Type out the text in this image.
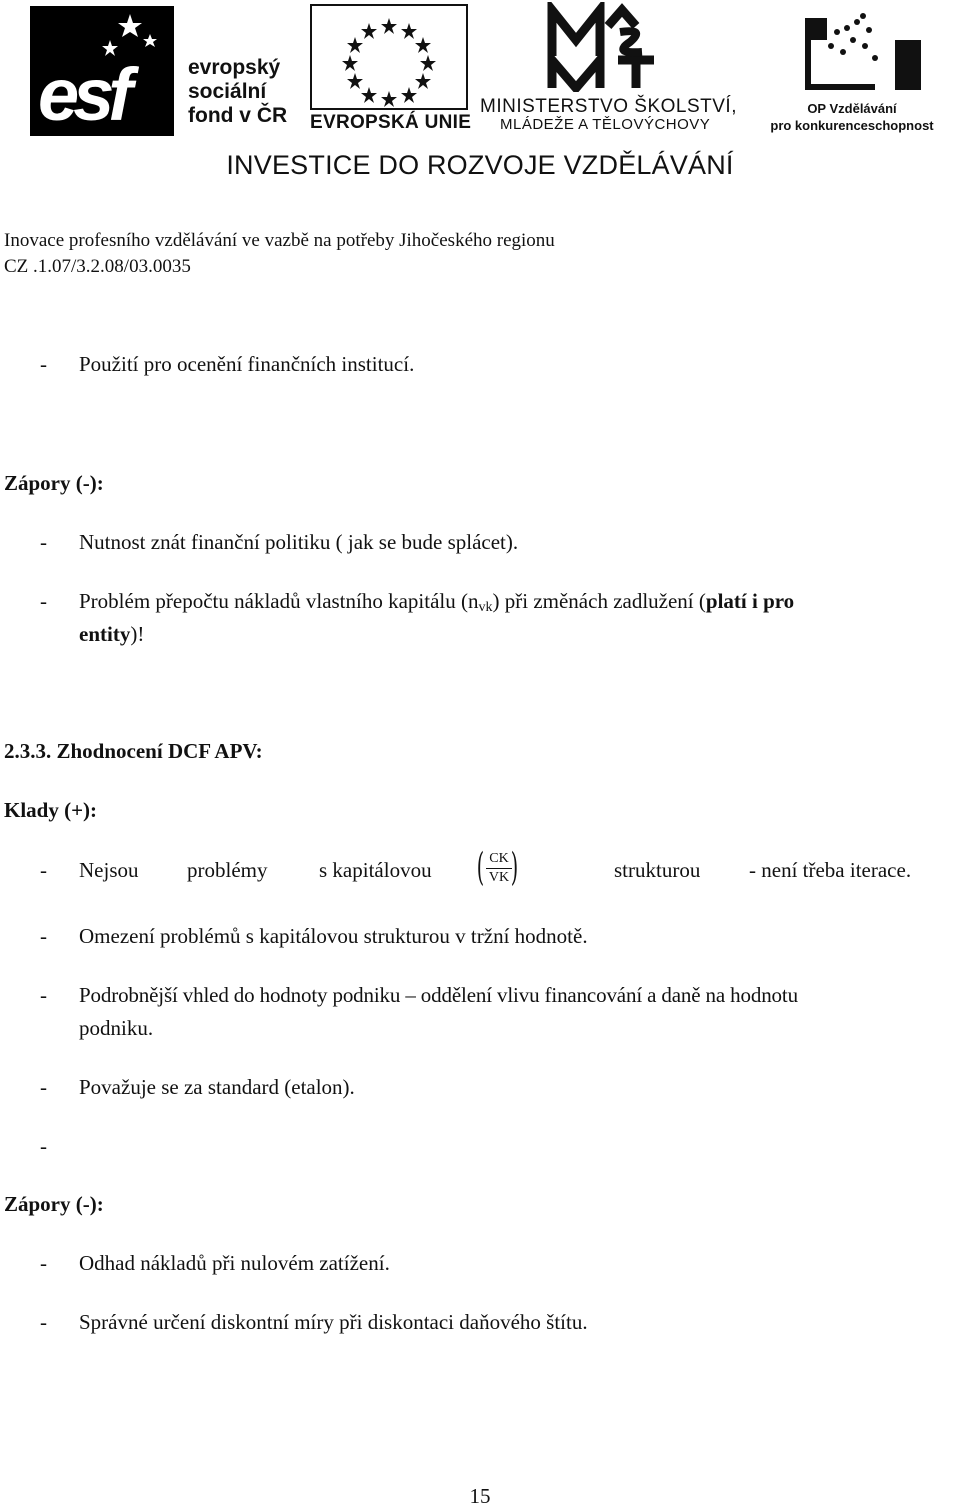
esf	evropský
sociální
fond v ČR EVROPSKÁ UNIE
MINISTERSTVO ŠKOLSTVÍ,
MLÁDEŽE A TĚLOVÝCHOVY
2007-13
OP Vzdělávání
pro konkurenceschopnost
INVESTICE DO ROZVOJE VZDĚLÁVÁNÍ
Inovace profesního vzdělávání ve vazbě na potřeby Jihočeského regionu
CZ .1.07/3.2.08/03.0035
- Použití pro ocenění finančních institucí.
Zápory (-):
- Nutnost znát finanční politiku ( jak se bude splácet).
- Problém přepočtu nákladů vlastního kapitálu $(n_{vk})$ při změnách zadlužení (platí i pro
entity)!
2.3.3. Zhodnocení DCF APV:
Klady (+):
- Nejsou problémy s kapitálovou ( CK
VK )	strukturou - není třeba iterace.
- Omezení problémů s kapitálovou strukturou v tržní hodnotě.
- Podrobnější vhled do hodnoty podniku – oddělení vlivu financování a daně na hodnotu
podniku.
- Považuje se za standard (etalon).
-
Zápory (-):
- Odhad nákladů při nulovém zatížení.
- Správné určení diskontní míry při diskontaci daňového štítu.
15
